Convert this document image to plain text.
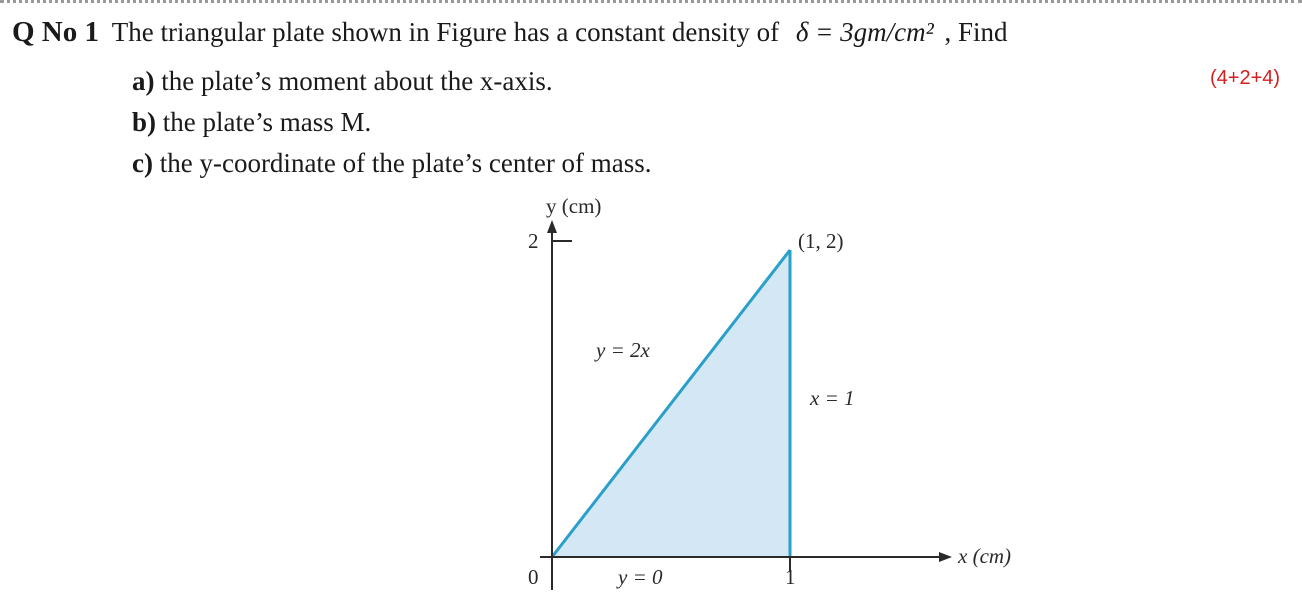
Q No 1 The triangular plate shown in Figure has a constant density of δ = 3gm/cm² , Find
(4+2+4)
a) the plate’s moment about the x-axis.
b) the plate’s mass M.
c) the y-coordinate of the plate’s center of mass.
y (cm)
2	(1, 2)
y = 2x
x = 1
x (cm)
0	y = 0	1
